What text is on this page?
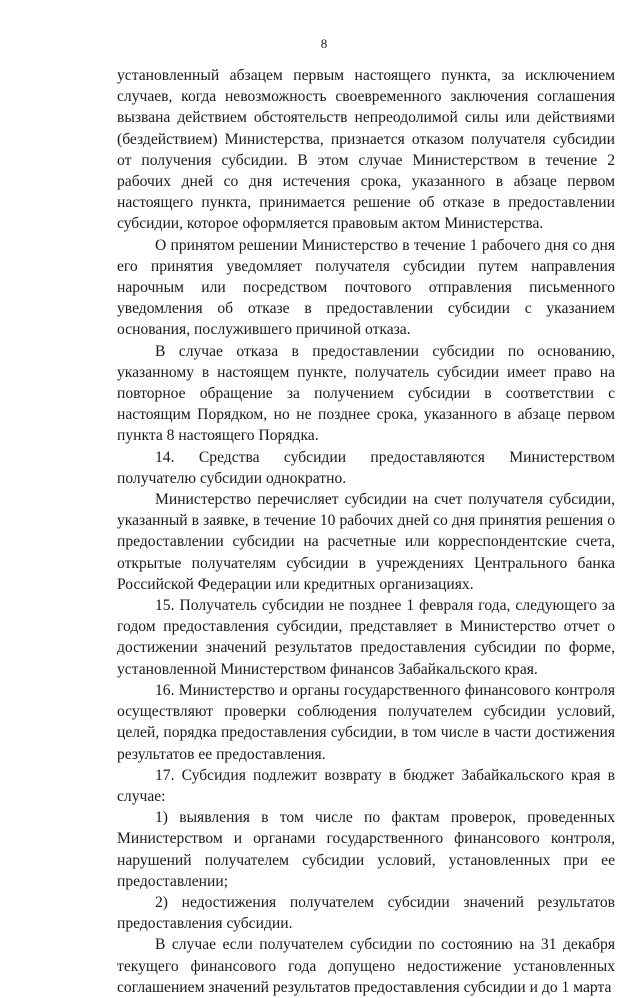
8

установленный абзацем первым настоящего пункта, за исключением случаев, когда невозможность своевременного заключения соглашения вызвана действием обстоятельств непреодолимой силы или действиями (бездействием) Министерства, признается отказом получателя субсидии от получения субсидии. В этом случае Министерством в течение 2 рабочих дней со дня истечения срока, указанного в абзаце первом настоящего пункта, принимается решение об отказе в предоставлении субсидии, которое оформляется правовым актом Министерства.

О принятом решении Министерство в течение 1 рабочего дня со дня его принятия уведомляет получателя субсидии путем направления нарочным или посредством почтового отправления письменного уведомления об отказе в предоставлении субсидии с указанием основания, послужившего причиной отказа.

В случае отказа в предоставлении субсидии по основанию, указанному в настоящем пункте, получатель субсидии имеет право на повторное обращение за получением субсидии в соответствии с настоящим Порядком, но не позднее срока, указанного в абзаце первом пункта 8 настоящего Порядка.

14. Средства субсидии предоставляются Министерством получателю субсидии однократно.

Министерство перечисляет субсидии на счет получателя субсидии, указанный в заявке, в течение 10 рабочих дней со дня принятия решения о предоставлении субсидии на расчетные или корреспондентские счета, открытые получателям субсидии в учреждениях Центрального банка Российской Федерации или кредитных организациях.

15. Получатель субсидии не позднее 1 февраля года, следующего за годом предоставления субсидии, представляет в Министерство отчет о достижении значений результатов предоставления субсидии по форме, установленной Министерством финансов Забайкальского края.

16. Министерство и органы государственного финансового контроля осуществляют проверки соблюдения получателем субсидии условий, целей, порядка предоставления субсидии, в том числе в части достижения результатов ее предоставления.

17. Субсидия подлежит возврату в бюджет Забайкальского края в случае:

1) выявления в том числе по фактам проверок, проведенных Министерством и органами государственного финансового контроля, нарушений получателем субсидии условий, установленных при ее предоставлении;

2) недостижения получателем субсидии значений результатов предоставления субсидии.

В случае если получателем субсидии по состоянию на 31 декабря текущего финансового года допущено недостижение установленных соглашением значений результатов предоставления субсидии и до 1 марта
